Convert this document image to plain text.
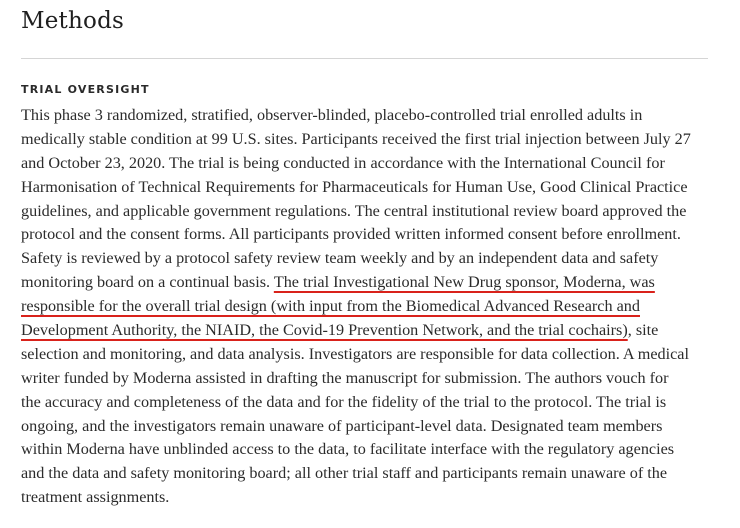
Methods

TRIAL OVERSIGHT

This phase 3 randomized, stratified, observer-blinded, placebo-controlled trial enrolled adults in
medically stable condition at 99 U.S. sites. Participants received the first trial injection between July 27
and October 23, 2020. The trial is being conducted in accordance with the International Council for
Harmonisation of Technical Requirements for Pharmaceuticals for Human Use, Good Clinical Practice
guidelines, and applicable government regulations. The central institutional review board approved the
protocol and the consent forms. All participants provided written informed consent before enrollment.
Safety is reviewed by a protocol safety review team weekly and by an independent data and safety
monitoring board on a continual basis. The trial Investigational New Drug sponsor, Moderna, was
responsible for the overall trial design (with input from the Biomedical Advanced Research and
Development Authority, the NIAID, the Covid-19 Prevention Network, and the trial cochairs), site
selection and monitoring, and data analysis. Investigators are responsible for data collection. A medical
writer funded by Moderna assisted in drafting the manuscript for submission. The authors vouch for
the accuracy and completeness of the data and for the fidelity of the trial to the protocol. The trial is
ongoing, and the investigators remain unaware of participant-level data. Designated team members
within Moderna have unblinded access to the data, to facilitate interface with the regulatory agencies
and the data and safety monitoring board; all other trial staff and participants remain unaware of the
treatment assignments.
